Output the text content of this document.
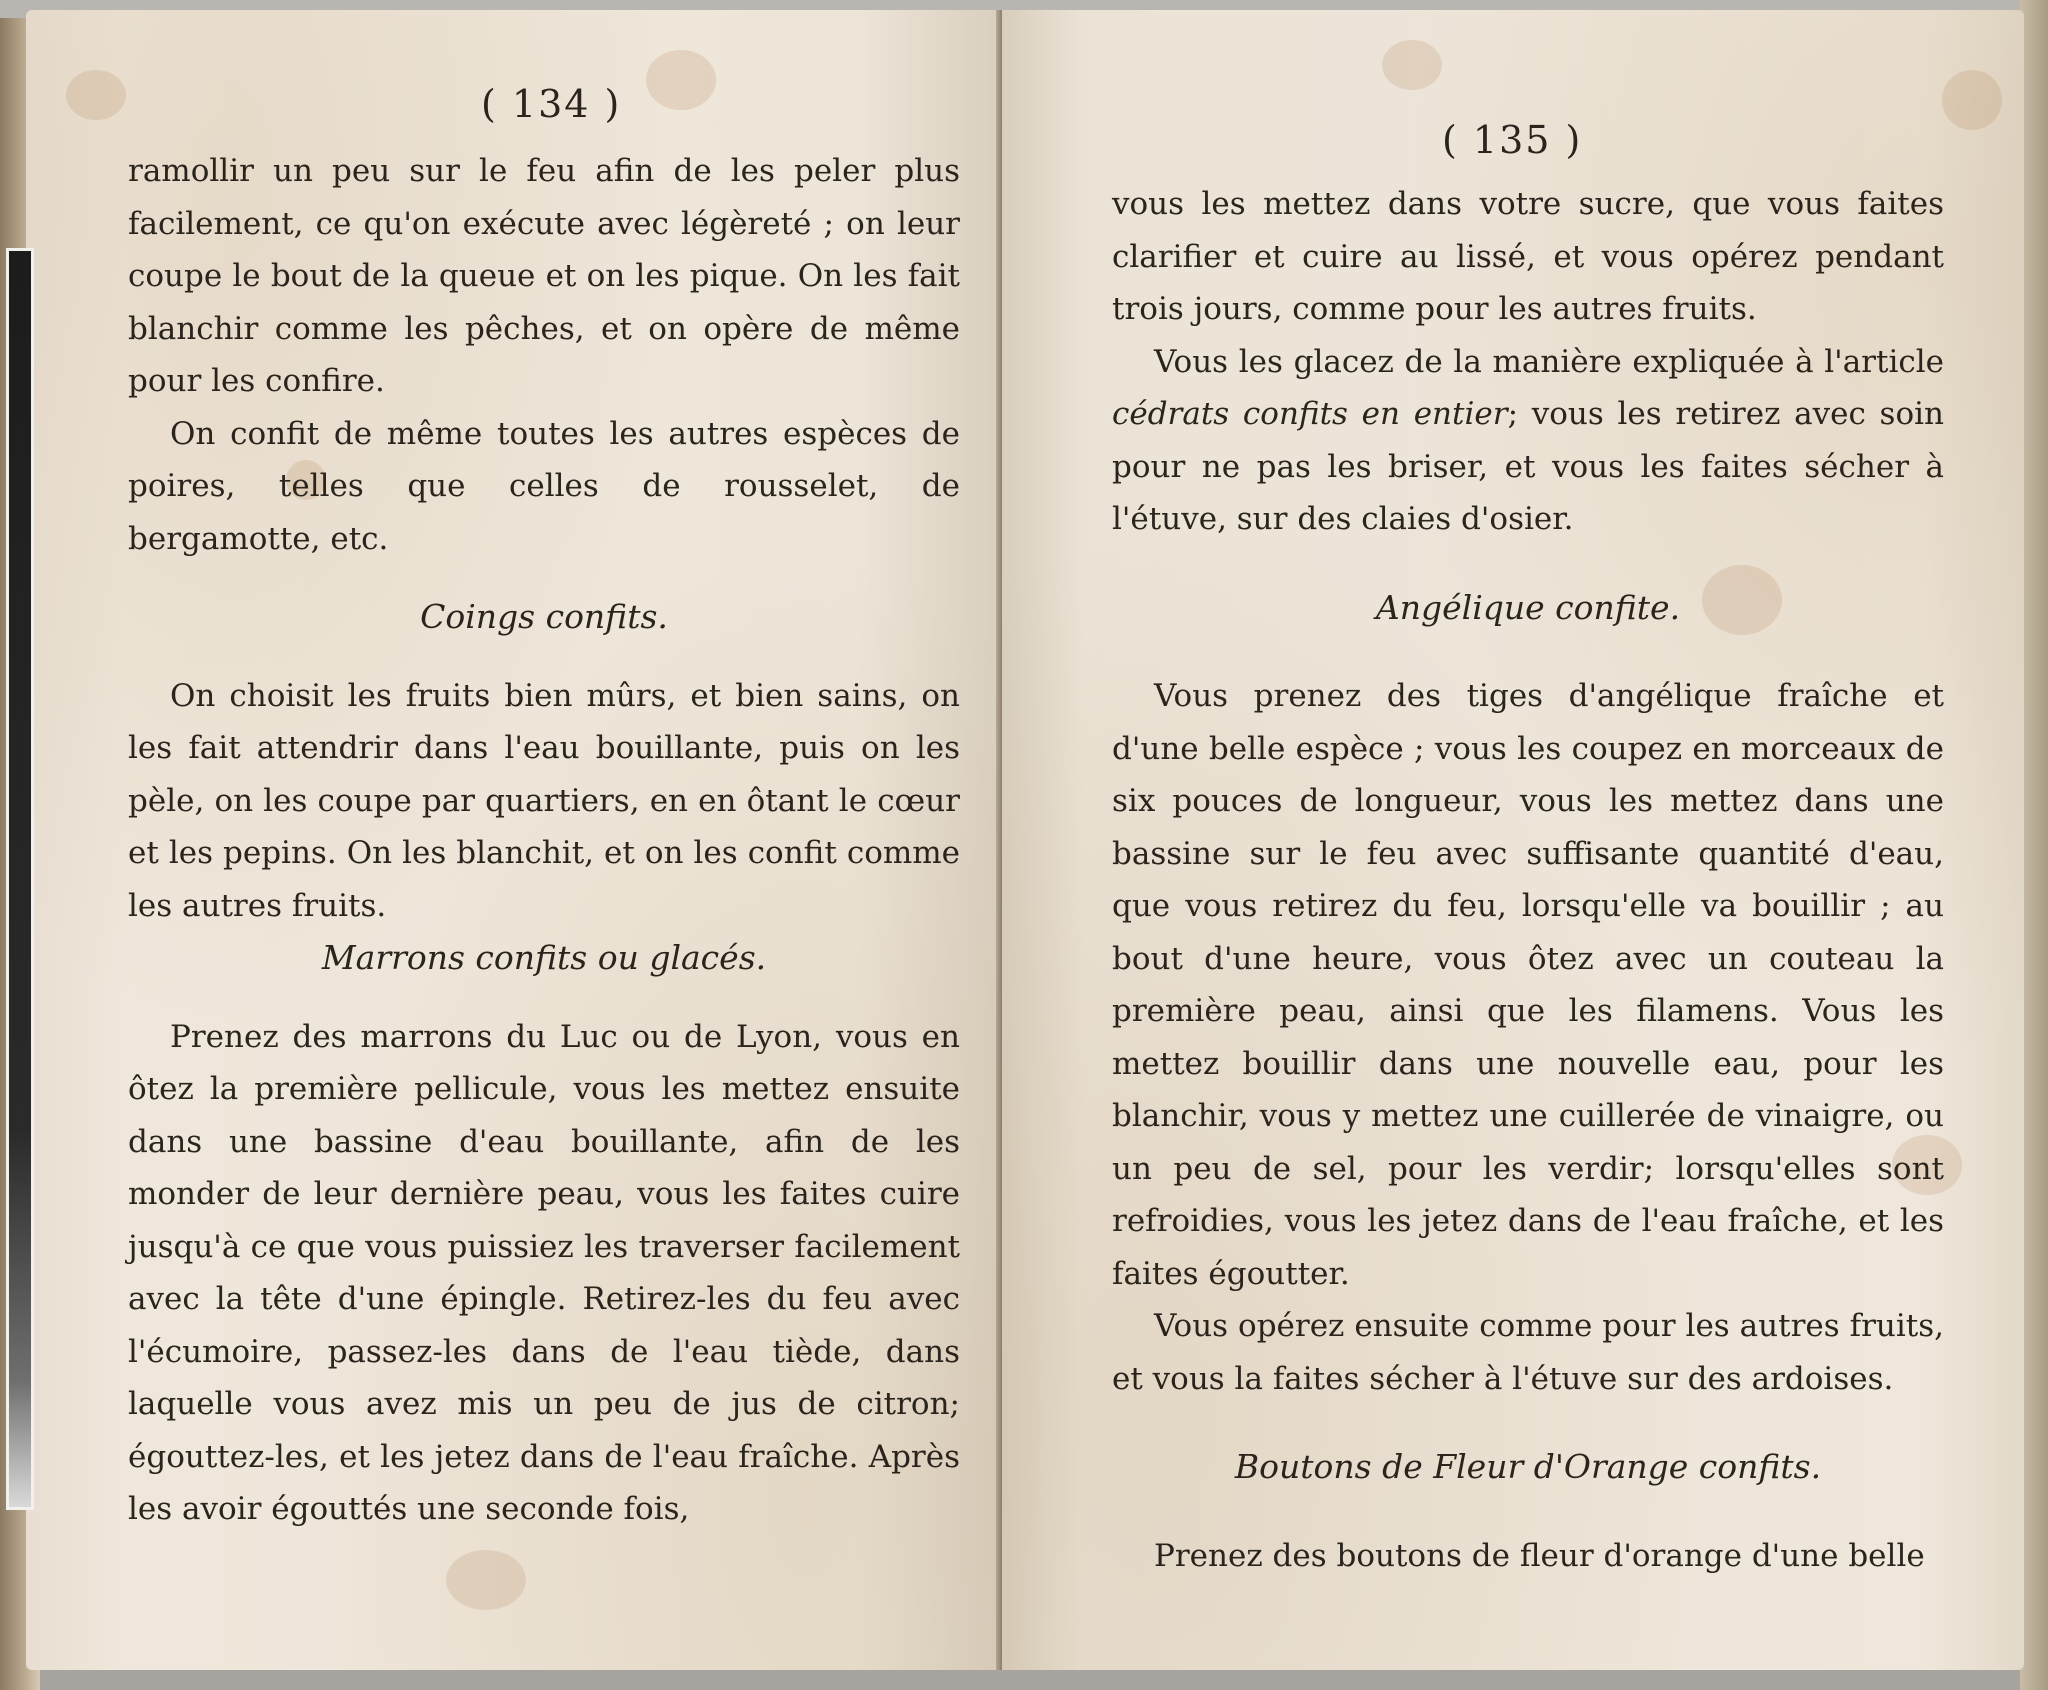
( 134 )

ramollir un peu sur le feu afin de les peler plus facilement, ce qu'on exécute avec légèreté ; on leur coupe le bout de la queue et on les pique. On les fait blanchir comme les pêches, et on opère de même pour les confire.

On confit de même toutes les autres espèces de poires, telles que celles de rousselet, de bergamotte, etc.

Coings confits.

On choisit les fruits bien mûrs, et bien sains, on les fait attendrir dans l'eau bouillante, puis on les pèle, on les coupe par quartiers, en en ôtant le cœur et les pepins. On les blanchit, et on les confit comme les autres fruits.

Marrons confits ou glacés.

Prenez des marrons du Luc ou de Lyon, vous en ôtez la première pellicule, vous les mettez ensuite dans une bassine d'eau bouillante, afin de les monder de leur dernière peau, vous les faites cuire jusqu'à ce que vous puissiez les traverser facilement avec la tête d'une épingle. Retirez-les du feu avec l'écumoire, passez-les dans de l'eau tiède, dans laquelle vous avez mis un peu de jus de citron; égouttez-les, et les jetez dans de l'eau fraîche. Après les avoir égouttés une seconde fois,

( 135 )

vous les mettez dans votre sucre, que vous faites clarifier et cuire au lissé, et vous opérez pendant trois jours, comme pour les autres fruits.

Vous les glacez de la manière expliquée à l'article cédrats confits en entier; vous les retirez avec soin pour ne pas les briser, et vous les faites sécher à l'étuve, sur des claies d'osier.

Angélique confite.

Vous prenez des tiges d'angélique fraîche et d'une belle espèce ; vous les coupez en morceaux de six pouces de longueur, vous les mettez dans une bassine sur le feu avec suffisante quantité d'eau, que vous retirez du feu, lorsqu'elle va bouillir ; au bout d'une heure, vous ôtez avec un couteau la première peau, ainsi que les filamens. Vous les mettez bouillir dans une nouvelle eau, pour les blanchir, vous y mettez une cuillerée de vinaigre, ou un peu de sel, pour les verdir; lorsqu'elles sont refroidies, vous les jetez dans de l'eau fraîche, et les faites égoutter.

Vous opérez ensuite comme pour les autres fruits, et vous la faites sécher à l'étuve sur des ardoises.

Boutons de Fleur d'Orange confits.

Prenez des boutons de fleur d'orange d'une belle
